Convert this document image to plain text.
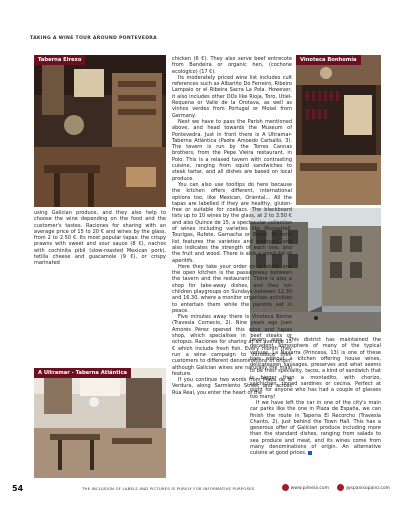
TAKING A WINE TOUR AROUND PONTEVEDRA
Taberna Eirexo	Vinoteca Bonhomía
A Ultramar - Taberna Atlántica

using Galician produce, and they also help to choose the wine depending on the food and the customer's tastes. Raciones for sharing with an average price of 15 to 20 € and wines by the glass, from 2 to 2.50 €. Its most popular tapas: the crispy prawns with sweet and sour sauce (8 €), nachos with cochinita pibil (slow-roasted Mexican pork), tetilla cheese and guacamole (9 €), or crispy marinated

chicken (6 €). They also serve beef entrecote from Bandeira or organic hen, (cochone ecológico) (17 €).

Its moderately priced wine list includes cult references such as Albariño Do Ferreiro, Ribeiro Lampaio or el Ribeira Sacra La Pola. However, it also includes other DOs like Rioja, Toro, Utiel-Requena or Valle de la Orotava, as well as vinhos verdes from Portugal or Mosel from Germany.

Next we have to pass the Parish mentioned above, and head towards the Museum of Pontevedra. Just in front there is A Ultramar-Taberna Atlántica (Padre Amoedo Carballo, 3). The tavern is run by the Torres Cannas brothers, from the Pepe Vieira restaurant, in Poio. This is a relaxed tavern with contrasting cuisine, ranging from squid sandwiches to steak tartar, and all dishes are based on local produce.

You can also use tooltips do here because the kitchen offers different, international options too, like Mexican, Oriental… All the tapas are labelled if they are healthy, gluten-free or suitable for coeliacs. The blackboard lists up to 10 wines by the glass, at 2 to 3.50 € and also Quince de 15, a spectacular collection of wines including varieties like Monastrell, Tourigas, Rufete, Garnacha or Bobal. Its wine list features the varieties and vintages, and also indicates the strength of each one, and the fruit and wood. There is also a good list of aperitifs.

Here they take your order on a tablet, and the open kitchen is the passageway between the tavern and the restaurant. There is also a shop for take-away dishes, and they run children playgroups on Sundays between 12.30 and 16.30, where a monitor organises activities to entertain them while the parents eat in peace.

Five minutes away there is Vinoteca Bonne (Travesía Cornecio, 2). Nine years ago Juan Amorés Pérez opened this wine and tapas shop, which specialises in beef steaks or octopus. Raciones for sharing at an average 15 € which include fresh fish. Every month they run a wine campaign to introduce their customers to different denominations of origin, although Galician wines are naturally the main feature.

If you continue two words from Plaza de la Verdura, along Sarmiento Street and across Rúa Real, you enter the heart of the

tavern area. This district has maintained the decadent atmosphere of many of the typical venues. La Navarra (Princesa, 13) is one of these bars without a kitchen offering house wines, delicatessen sausages, preserves and what seems to be their speciality, tacos, a kind of sandwich that is bigger than a montadito, with chorizo, salchichón, tinned sardines or cecina. Perfect at night for anyone who has had a couple of glasses too many!

If we have left the car in one of the city's main car parks like the one in Plaza de España, we can finish the route in Taperia El Recorcho (Travesía Chanto, 2), just behind the Town Hall. This has a generous offer of Galician produce including more than the standard dishes, ranging from salads to sea produce and meat, and its wines come from many denominations of origin. An alternative cuisine at good prices.

54	THE INCLUSION OF LABELS AND PICTURES IS PURELY FOR INFORMATIVE PURPOSES	www.pimeia.com	@spanisopairo.com
